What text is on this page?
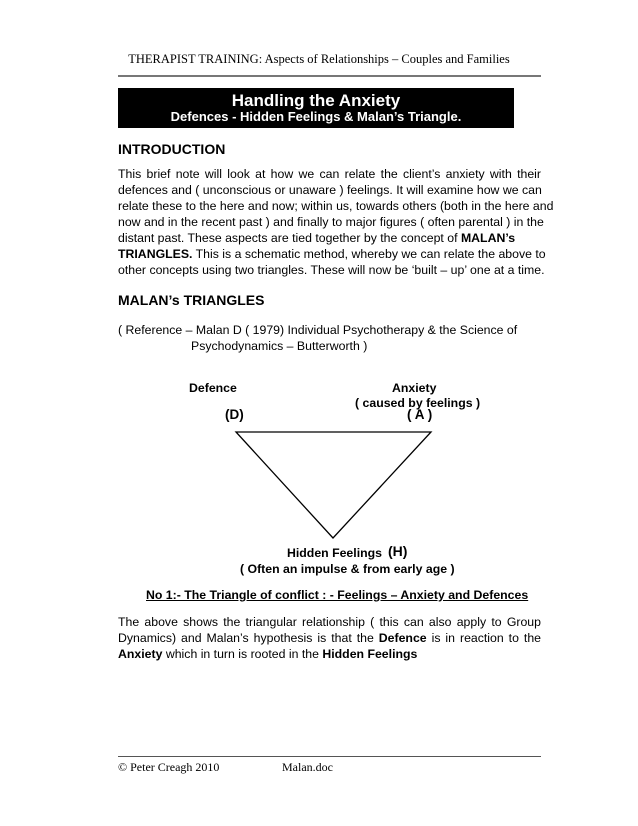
THERAPIST TRAINING: Aspects of Relationships – Couples and Families
Handling the Anxiety
Defences - Hidden Feelings & Malan’s Triangle.
INTRODUCTION
This brief note will look at how we can relate the client’s anxiety with their
defences and ( unconscious or unaware ) feelings. It will examine how we can
relate these to the here and now; within us, towards others (both in the here and
now and in the recent past ) and finally to major figures ( often parental ) in the
distant past. These aspects are tied together by the concept of MALAN’s
TRIANGLES. This is a schematic method, whereby we can relate the above to
other concepts using two triangles. These will now be ‘built – up’ one at a time.
MALAN’s TRIANGLES
( Reference – Malan D ( 1979) Individual Psychotherapy & the Science of
Psychodynamics – Butterworth )
Defence
(D)
Anxiety
( caused by feelings )
( A )
Hidden Feelings (H)
( Often an impulse & from early age )
No 1:- The Triangle of conflict : - Feelings – Anxiety and Defences
The above shows the triangular relationship ( this can also apply to Group
Dynamics) and Malan’s hypothesis is that the Defence is in reaction to the
Anxiety which in turn is rooted in the Hidden Feelings
© Peter Creagh 2010	Malan.doc
